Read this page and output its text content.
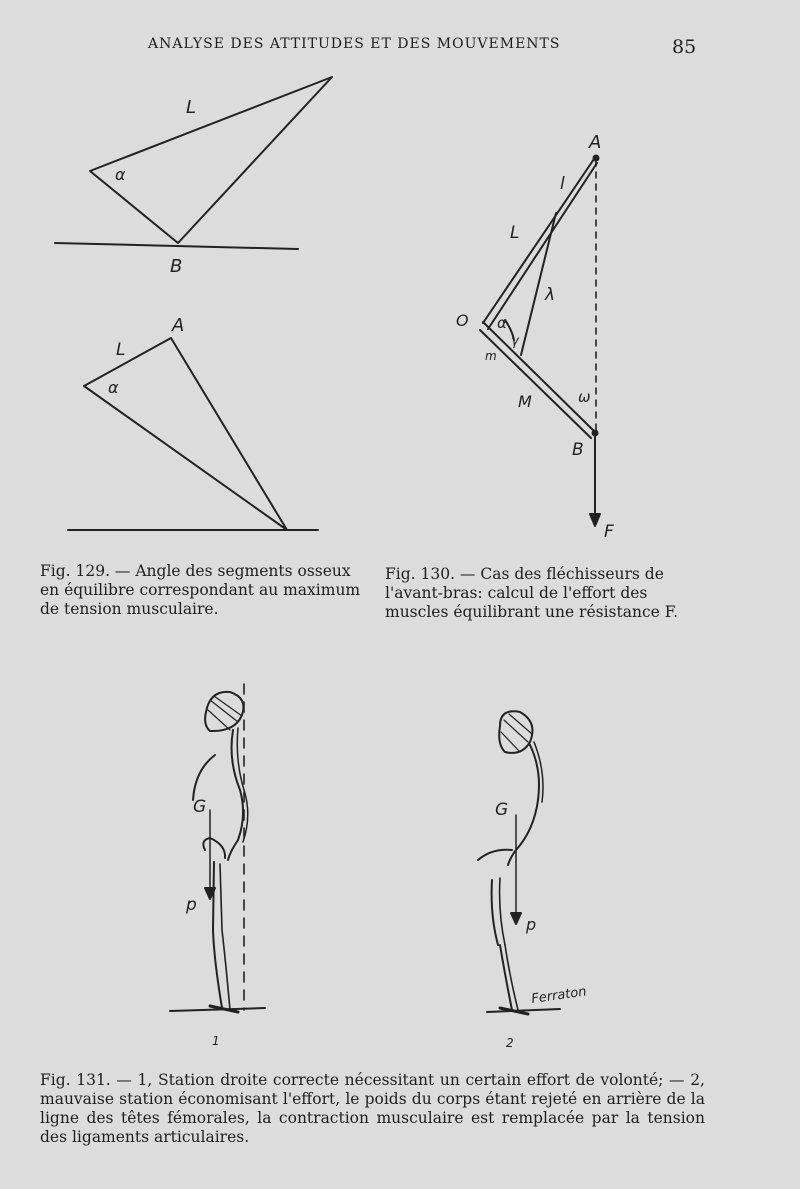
ANALYSE DES ATTITUDES ET DES MOUVEMENTS	85
L
α
B
L
A
α
A
l
L
λ
O α
γ
m
M	ω
B
F
G
p
1
G
p
2
Ferraton
Fig. 129. — Angle des segments osseux en équilibre correspondant au maximum de tension musculaire.
Fig. 130. — Cas des fléchisseurs de l'avant-bras: calcul de l'effort des muscles équilibrant une résistance F.
Fig. 131. — 1, Station droite correcte nécessitant un certain effort de volonté; — 2, mauvaise station économisant l'effort, le poids du corps étant rejeté en arrière de la ligne des têtes fémorales, la contraction musculaire est remplacée par la tension des ligaments articulaires.
